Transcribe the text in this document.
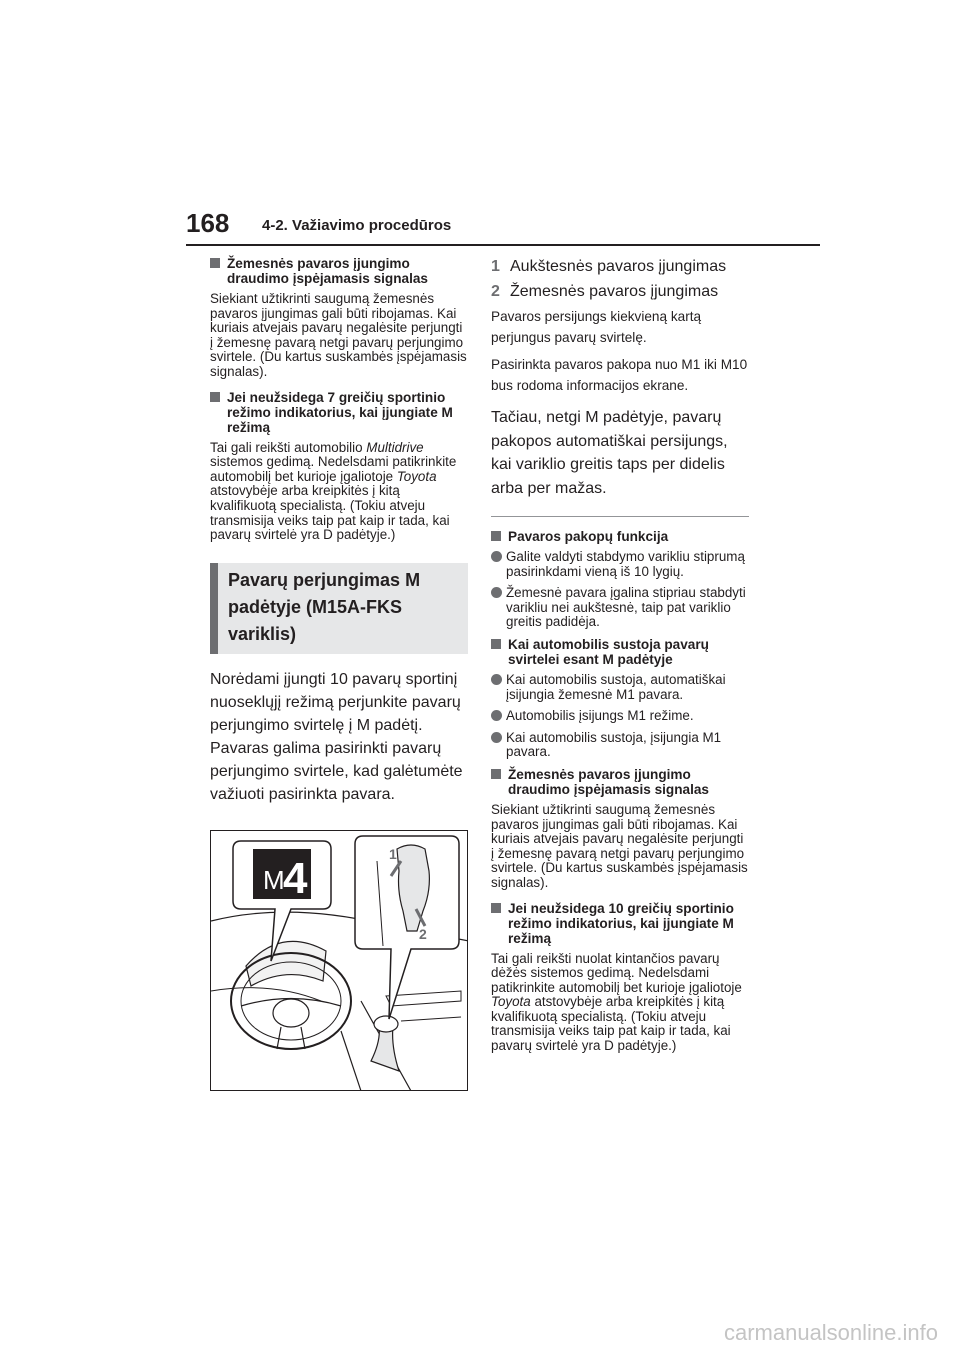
168 4-2. Važiavimo procedūros
Žemesnės pavaros įjungimo draudimo įspėjamasis signalas

Siekiant užtikrinti saugumą žemesnės pavaros įjungimas gali būti ribojamas. Kai kuriais atvejais pavarų negalėsite perjungti į žemesnę pavarą netgi pavarų perjungimo svirtele. (Du kartus suskambės įspėjamasis signalas).

Jei neužsidega 7 greičių sportinio režimo indikatorius, kai įjungiate M režimą

Tai gali reikšti automobilio Multidrive sistemos gedimą. Nedelsdami patikrinkite automobilį bet kurioje įgaliotoje Toyota atstovybėje arba kreipkitės į kitą kvalifikuotą specialistą. (Tokiu atveju transmisija veiks taip pat kaip ir tada, kai pavarų svirtelė yra D padėtyje.)

Pavarų perjungimas M padėtyje (M15A-FKS variklis)

Norėdami įjungti 10 pavarų sportinį nuoseklųjį režimą perjunkite pavarų perjungimo svirtelę į M padėtį. Pavaras galima pasirinkti pavarų perjungimo svirtele, kad galėtumėte važiuoti pasirinkta pavara.

M
4	1
2
1 Aukštesnės pavaros įjungimas
2 Žemesnės pavaros įjungimas

Pavaros persijungs kiekvieną kartą perjungus pavarų svirtelę.

Pasirinkta pavaros pakopa nuo M1 iki M10 bus rodoma informacijos ekrane.

Tačiau, netgi M padėtyje, pavarų pakopos automatiškai persijungs, kai variklio greitis taps per didelis arba per mažas.

Pavaros pakopų funkcija
Galite valdyti stabdymo varikliu stiprumą pasirinkdami vieną iš 10 lygių.
Žemesnė pavara įgalina stipriau stabdyti varikliu nei aukštesnė, taip pat variklio greitis padidėja.
Kai automobilis sustoja pavarų svirtelei esant M padėtyje
Kai automobilis sustoja, automatiškai įsijungia žemesnė M1 pavara.
Automobilis įsijungs M1 režime.
Kai automobilis sustoja, įsijungia M1 pavara.
Žemesnės pavaros įjungimo draudimo įspėjamasis signalas

Siekiant užtikrinti saugumą žemesnės pavaros įjungimas gali būti ribojamas. Kai kuriais atvejais pavarų negalėsite perjungti į žemesnę pavarą netgi pavarų perjungimo svirtele. (Du kartus suskambės įspėjamasis signalas).

Jei neužsidega 10 greičių sportinio režimo indikatorius, kai įjungiate M režimą

Tai gali reikšti nuolat kintančios pavarų dėžės sistemos gedimą. Nedelsdami patikrinkite automobilį bet kurioje įgaliotoje Toyota atstovybėje arba kreipkitės į kitą kvalifikuotą specialistą. (Tokiu atveju transmisija veiks taip pat kaip ir tada, kai pavarų svirtelė yra D padėtyje.)

carmanualsonline.info
